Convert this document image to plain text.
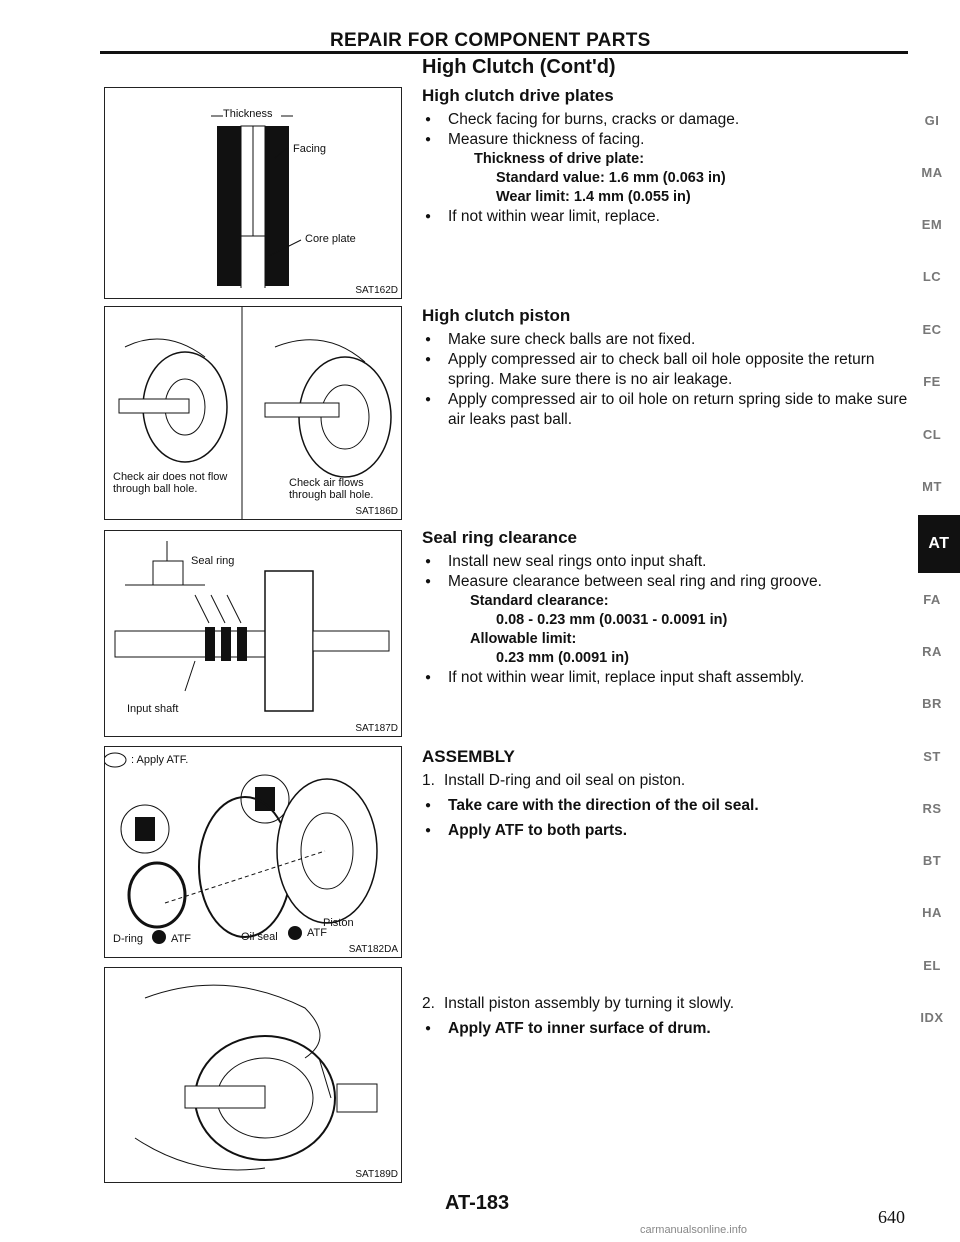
REPAIR FOR COMPONENT PARTS
High Clutch (Cont'd)
Thickness
Facing
Core plate
SAT162D
Check air does not flow through ball hole.	Check air flows through ball hole.
SAT186D
Seal ring
Input shaft
SAT187D
: Apply ATF.
Piston
Oil seal
D-ring	ATF	ATF
SAT182DA
SAT189D
High clutch drive plates
● Check facing for burns, cracks or damage.
● Measure thickness of facing.
Thickness of drive plate:
Standard value: 1.6 mm (0.063 in)
Wear limit: 1.4 mm (0.055 in)
● If not within wear limit, replace.
High clutch piston
● Make sure check balls are not fixed.
● Apply compressed air to check ball oil hole opposite the return spring. Make sure there is no air leakage.
● Apply compressed air to oil hole on return spring side to make sure air leaks past ball.
Seal ring clearance
● Install new seal rings onto input shaft.
● Measure clearance between seal ring and ring groove.
Standard clearance:
0.08 - 0.23 mm (0.0031 - 0.0091 in)
Allowable limit:
0.23 mm (0.0091 in)
● If not within wear limit, replace input shaft assembly.
ASSEMBLY
1. Install D-ring and oil seal on piston.
● Take care with the direction of the oil seal.
● Apply ATF to both parts.
2. Install piston assembly by turning it slowly.
● Apply ATF to inner surface of drum.
GI
MA
EM
LC
EC
FE
CL
MT
AT
FA
RA
BR
ST
RS
BT
HA
EL
IDX
AT-183
640
carmanualsonline.info
